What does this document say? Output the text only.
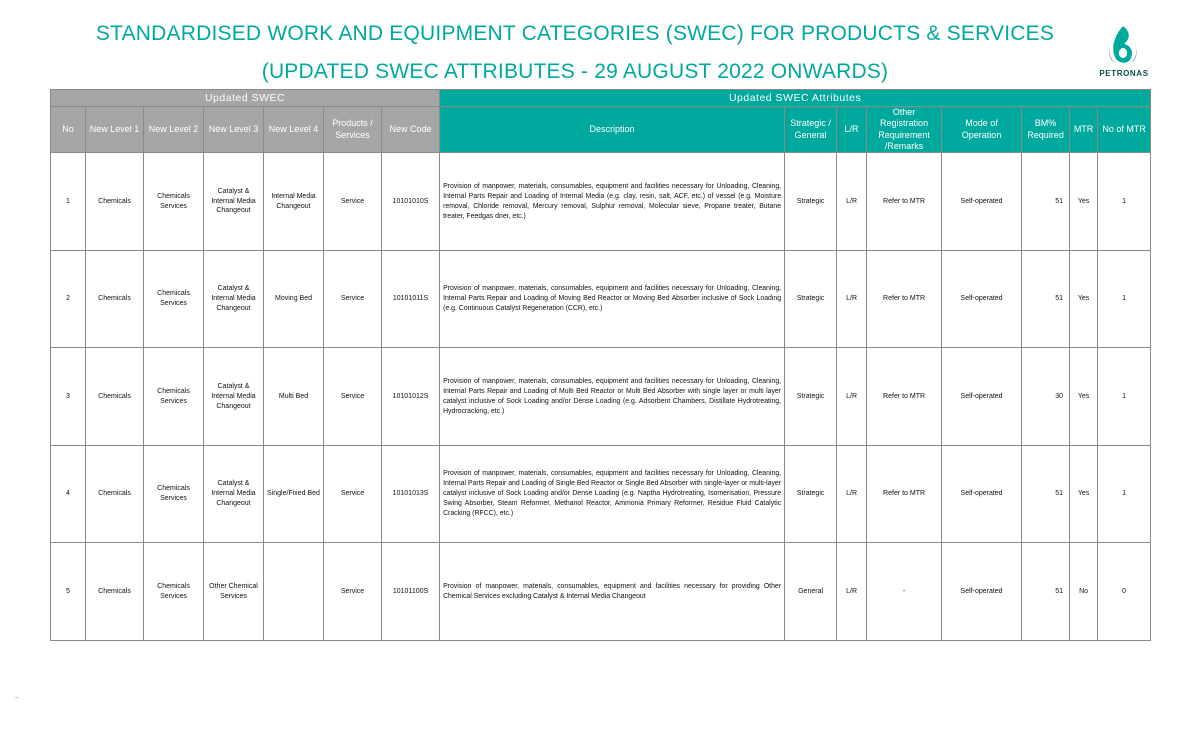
STANDARDISED WORK AND EQUIPMENT CATEGORIES (SWEC) FOR PRODUCTS & SERVICES
(UPDATED SWEC ATTRIBUTES - 29 AUGUST 2022 ONWARDS)	PETRONAS
Updated SWEC							Updated SWEC Attributes							
No	New Level 1	New Level 2	New Level 3	New Level 4	Products / Services	New Code	Description	Strategic / General	L/R	Other Registration Requirement /Remarks	Mode of Operation	BM% Required	MTR	No of MTR
1	Chemicals	Chemicals Services	Catalyst & Internal Media Changeout	Internal Media Changeout	Service	10101010S	Provision of manpower, materials, consumables, equipment and facilities necessary for Unloading, Cleaning, Internal Parts Repair and Loading of Internal Media (e.g. clay, resin, salt, ACF, etc.) of vessel (e.g. Moisture removal, Chloride removal, Mercury removal, Sulphur removal, Molecular sieve, Propane treater, Butane treater, Feedgas drier, etc.)	Strategic	L/R	Refer to MTR	Self-operated	51	Yes	1
2	Chemicals	Chemicals Services	Catalyst & Internal Media Changeout	Moving Bed	Service	10101011S	Provision of manpower, materials, consumables, equipment and facilities necessary for Unloading, Cleaning, Internal Parts Repair and Loading of Moving Bed Reactor or Moving Bed Absorber inclusive of Sock Loading (e.g. Continuous Catalyst Regeneration (CCR), etc.)	Strategic	L/R	Refer to MTR	Self-operated	51	Yes	1
3	Chemicals	Chemicals Services	Catalyst & Internal Media Changeout	Multi Bed	Service	10101012S	Provision of manpower, materials, consumables, equipment and facilities necessary for Unloading, Cleaning, Internal Parts Repair and Loading of Multi Bed Reactor or Multi Bed Absorber with single layer or multi layer catalyst inclusive of Sock Loading and/or Dense Loading (e.g. Adsorbent Chambers, Distillate Hydrotreating, Hydrocracking, etc.)	Strategic	L/R	Refer to MTR	Self-operated	30	Yes	1
4	Chemicals	Chemicals Services	Catalyst & Internal Media Changeout	Single/Fixed Bed	Service	10101013S	Provision of manpower, materials, consumables, equipment and facilities necessary for Unloading, Cleaning, Internal Parts Repair and Loading of Single Bed Reactor or Single Bed Absorber with single-layer or multi-layer catalyst inclusive of Sock Loading and/or Dense Loading (e.g. Naptha Hydrotreating, Isomerisation, Pressure Swing Absorber, Steam Reformer, Methanol Reactor, Ammonia Primary Reformer, Residue Fluid Catalytic Cracking (RFCC), etc.)	Strategic	L/R	Refer to MTR	Self-operated	51	Yes	1
5	Chemicals	Chemicals Services	Other Chemical Services		Service	10101100S	Provision of manpower, materials, consumables, equipment and facilities necessary for providing Other Chemical Services excluding Catalyst & Internal Media Changeout	General	L/R	-	Self-operated	51	No	0
...
